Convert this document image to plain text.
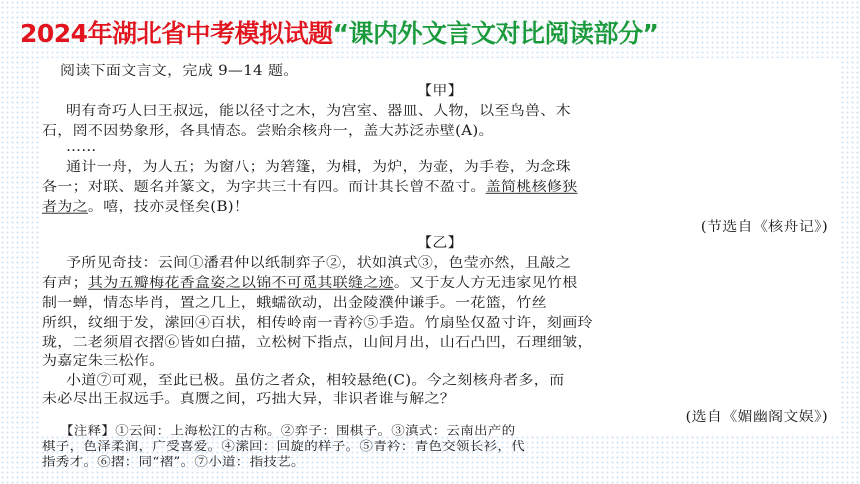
2024年湖北省中考模拟试题“课内外文言文对比阅读部分”
阅读下面文言文，完成 9—14 题。
【甲】
明有奇巧人曰王叔远，能以径寸之木，为宫室、器皿、人物，以至鸟兽、木
石，罔不因势象形，各具情态。尝贻余核舟一，盖大苏泛赤壁(A)。
……
通计一舟，为人五；为窗八；为箬篷，为楫，为炉，为壶，为手卷，为念珠
各一；对联、题名并篆文，为字共三十有四。而计其长曾不盈寸。盖简桃核修狭
者为之。嘻，技亦灵怪矣(B)！
(节选自《核舟记》)
【乙】
予所见奇技：云间①潘君仲以纸制弈子②，状如滇式③，色莹亦然，且敲之
有声；其为五瓣梅花香盒姿之以锦不可觅其联缝之迹。又于友人方无违家见竹根
制一蝉，情态毕肖，置之几上，蛾蠕欲动，出金陵濮仲谦手。一花篮，竹丝
所织，纹细于发，潆回④百状，相传岭南一青衿⑤手造。竹扇坠仅盈寸许，刻画玲
珑，二老须眉衣摺⑥皆如白描，立松树下指点，山间月出，山石凸凹，石理细皱，
为嘉定朱三松作。
小道⑦可观，至此已极。虽仿之者众，相较悬绝(C)。今之刻核舟者多，而
未必尽出王叔远手。真赝之间，巧拙大异，非识者谁与解之？
(选自《媚幽阁文娱》)
【注释】①云间：上海松江的古称。②弈子：围棋子。③滇式：云南出产的
棋子，色泽柔润，广受喜爱。④潆回：回旋的样子。⑤青衿：青色交领长衫，代
指秀才。⑥摺：同“褶”。⑦小道：指技艺。
